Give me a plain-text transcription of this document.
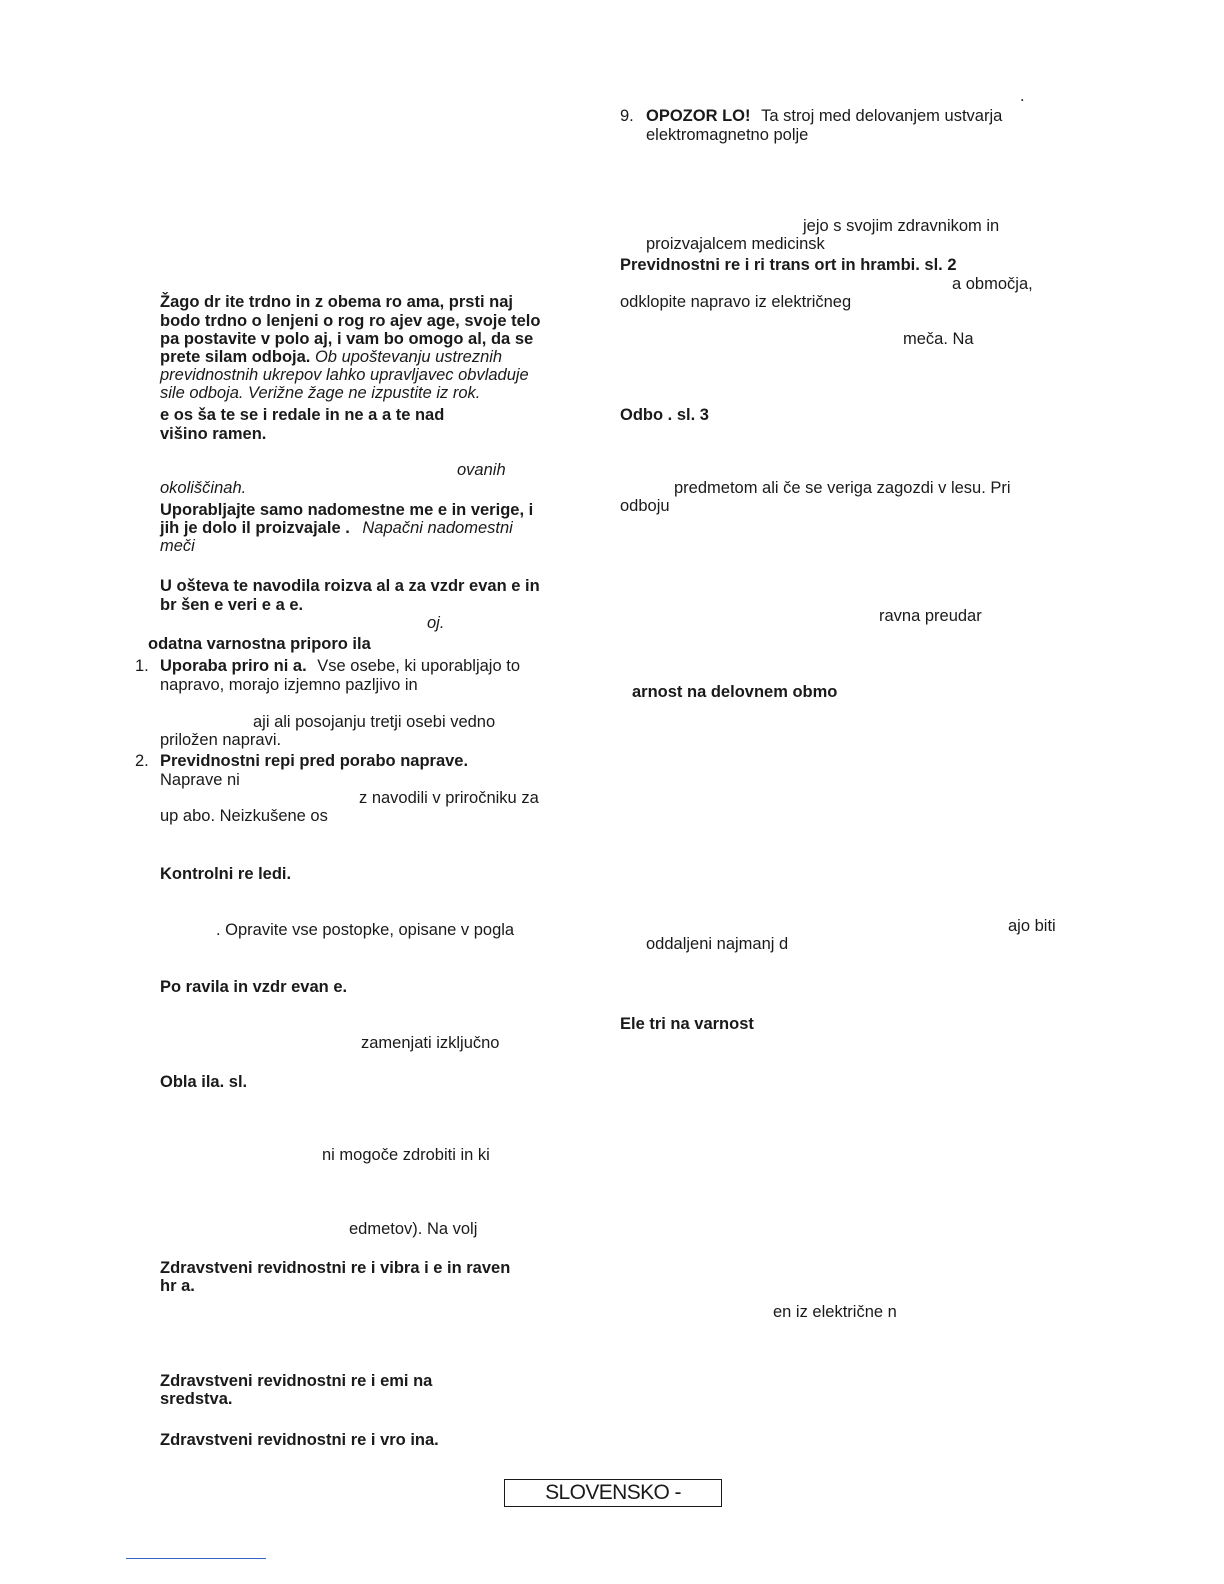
Žago dr ite trdno in z obema ro ama, prsti naj
bodo trdno o lenjeni o rog ro ajev age, svoje telo
pa postavite v polo aj, i vam bo omogo al, da se
prete silam odboja. Ob upoštevanju ustreznih
previdnostnih ukrepov lahko upravljavec obvladuje
sile odboja. Verižne žage ne izpustite iz rok.
e os ša te se i redale in ne a a te nad
višino ramen.
ovanih
okoliščinah.
Uporabljajte samo nadomestne me e in verige, i
jih je dolo il proizvajale . Napačni nadomestni
meči
U ošteva te navodila roizva al a za vzdr evan e in
br šen e veri e a e.
oj.
odatna varnostna priporo ila
1. Uporaba priro ni a. Vse osebe, ki uporabljajo to
napravo, morajo izjemno pazljivo in
aji ali posojanju tretji osebi vedno
priložen napravi.
2. Previdnostni repi pred porabo naprave.
Naprave ni
z navodili v priročniku za
up abo. Neizkušene os
Kontrolni re ledi.
. Opravite vse postopke, opisane v pogla
Po ravila in vzdr evan e.
zamenjati izključno
Obla ila. sl.
ni mogoče zdrobiti in ki
edmetov). Na volj
Zdravstveni revidnostni re i vibra i e in raven
hr a.
Zdravstveni revidnostni re i emi na
sredstva.
Zdravstveni revidnostni re i vro ina.
.
9. OPOZOR LO! Ta stroj med delovanjem ustvarja
elektromagnetno polje
jejo s svojim zdravnikom in
proizvajalcem medicinsk
Previdnostni re i ri trans ort in hrambi. sl. 2
a območja,
odklopite napravo iz električneg
meča. Na
Odbo . sl. 3
predmetom ali če se veriga zagozdi v lesu. Pri
odboju
ravna preudar
arnost na delovnem obmo
ajo biti
oddaljeni najmanj d
Ele tri na varnost
en iz električne n
SLOVENSKO -
